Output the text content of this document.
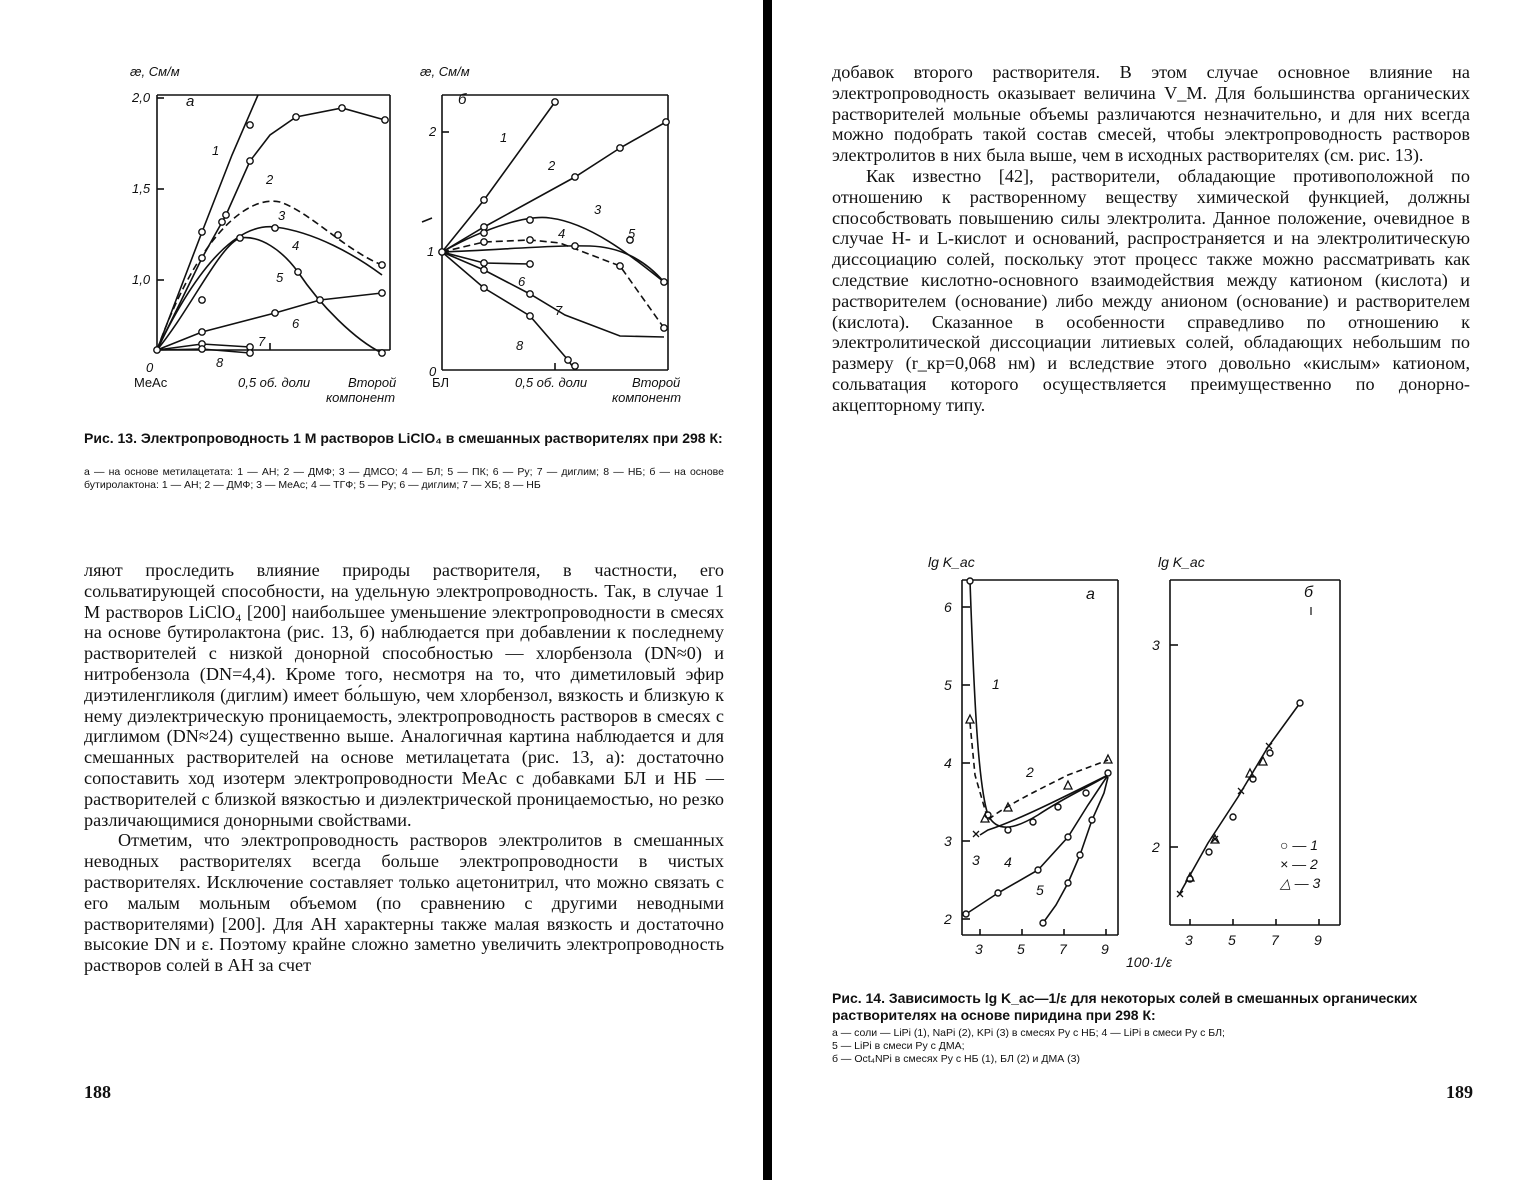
æ, См/м
2,0
1,5
1,0
0
а
MeAc	0,5 об. доли	Второй
компонент
1
2
3
4
5
6
7
8
æ, См/м
2
1
0
б
БЛ	0,5 об. доли	Второй
компонент
1
2
3
4	5
6
7
8
Рис. 13. Электропроводность 1 М растворов LiClO₄ в смешанных растворителях при 298 К:
а — на основе метилацетата: 1 — АН; 2 — ДМФ; 3 — ДМСО; 4 — БЛ; 5 — ПК; 6 — Ру; 7 — диглим; 8 — НБ; б — на основе бутиролактона: 1 — АН; 2 — ДМФ; 3 — MeAc; 4 — ТГФ; 5 — Ру; 6 — диглим; 7 — ХБ; 8 — НБ

ляют проследить влияние природы растворителя, в частности, его сольватирующей способности, на удельную электропроводность. Так, в случае 1 М растворов LiClO₄ [200] наибольшее уменьшение электропроводности в смесях на основе бутиролактона (рис. 13, б) наблюдается при добавлении к последнему растворителей с низкой донорной способностью — хлорбензола (DN≈0) и нитробензола (DN=4,4). Кроме того, несмотря на то, что диметиловый эфир диэтиленгликоля (диглим) имеет бо́льшую, чем хлорбензол, вязкость и близкую к нему диэлектрическую проницаемость, электропроводность растворов в смесях с диглимом (DN≈24) существенно выше. Аналогичная картина наблюдается и для смешанных растворителей на основе метилацетата (рис. 13, а): достаточно сопоставить ход изотерм электропроводности MeAc с добавками БЛ и НБ — растворителей с близкой вязкостью и диэлектрической проницаемостью, но резко различающимися донорными свойствами.

Отметим, что электропроводность растворов электролитов в смешанных неводных растворителях всегда больше электропроводности в чистых растворителях. Исключение составляет только ацетонитрил, что можно связать с его малым мольным объемом (по сравнению с другими неводными растворителями) [200]. Для АН характерны также малая вязкость и достаточно высокие DN и ε. Поэтому крайне сложно заметно увеличить электропроводность растворов солей в АН за счет

188

добавок второго растворителя. В этом случае основное влияние на электропроводность оказывает величина V_M. Для большинства органических растворителей мольные объемы различаются незначительно, и для них всегда можно подобрать такой состав смесей, чтобы электропроводность растворов электролитов в них была выше, чем в исходных растворителях (см. рис. 13).

Как известно [42], растворители, обладающие противоположной по отношению к растворенному веществу химической функцией, должны способствовать повышению силы электролита. Данное положение, очевидное в случае Н- и L-кислот и оснований, распространяется и на электролитическую диссоциацию солей, поскольку этот процесс также можно рассматривать как следствие кислотно-основного взаимодействия между катионом (кислота) и растворителем (основание) либо между анионом (основание) и растворителем (кислота). Сказанное в особенности справедливо по отношению к электролитической диссоциации литиевых солей, обладающих небольшим по размеру (r_кр=0,068 нм) и вследствие этого довольно «кислым» катионом, сольватация которого осуществляется преимущественно по донорно-акцепторному типу.

lg K_ac
6
5
4
3
2
3 5 7 9
а
1
2
3 4
5
lg K_ac
3
2
3	5	7	9
100·1/ε
б
○ — 1
× — 2
△ — 3
Рис. 14. Зависимость lg K_ac—1/ε для некоторых солей в смешанных органических растворителях на основе пиридина при 298 К:
а — соли — LiPi (1), NaPi (2), KPi (3) в смесях Ру с НБ; 4 — LiPi в смеси Ру с БЛ;
5 — LiPi в смеси Ру с ДМА;
б — Oct₄NPi в смесях Ру с НБ (1), БЛ (2) и ДМА (3)
189
